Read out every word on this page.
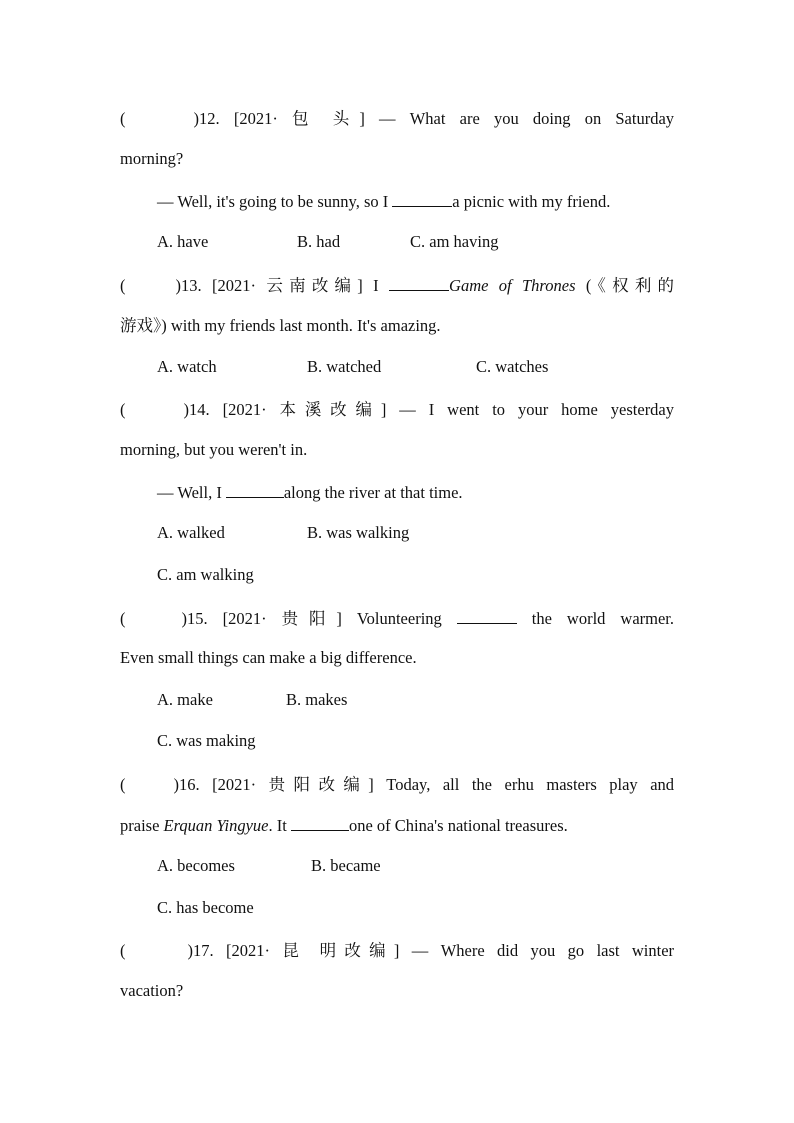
(	)12. [2021· 包 头] — What are you doing on Saturday
morning?
— Well, it's going to be sunny, so I	a picnic with my friend.
A. have	B. had	C. am having
(	)13. [2021· 云南改编] I	Game of Thrones (《权利的
游戏》) with my friends last month. It's amazing.
A. watch	B. watched	C. watches
(	)14. [2021· 本溪改编] — I went to your home yesterday
morning, but you weren't in.
— Well, I	along the river at that time.
A. walked	B. was walking
C. am walking
(	)15. [2021· 贵阳] Volunteering	the world warmer.
Even small things can make a big difference.
A. make	B. makes
C. was making
(	)16. [2021· 贵阳改编] Today, all the erhu masters play and
praise Erquan Yingyue. It	one of China's national treasures.
A. becomes	B. became
C. has become
(	)17. [2021· 昆 明改编] — Where did you go last winter
vacation?
